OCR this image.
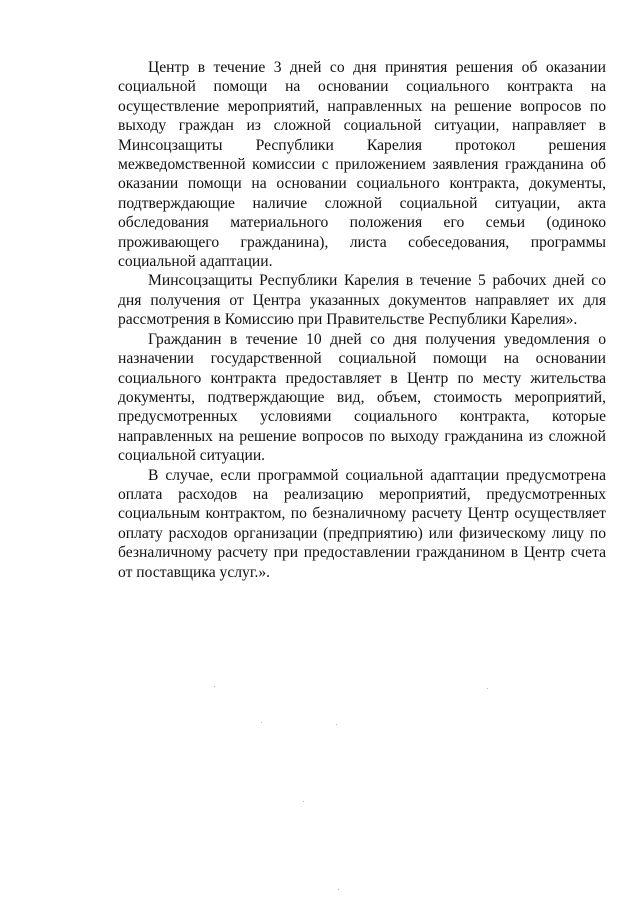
Центр в течение 3 дней со дня принятия решения об оказании социальной помощи на основании социального контракта на осуществление мероприятий, направленных на решение вопросов по выходу граждан из сложной социальной ситуации, направляет в Минсоцзащиты Республики Карелия протокол решения межведомственной комиссии с приложением заявления гражданина об оказании помощи на основании социального контракта, документы, подтверждающие наличие сложной социальной ситуации, акта обследования материального положения его семьи (одиноко проживающего гражданина), листа собеседования, программы социальной адаптации.

Минсоцзащиты Республики Карелия в течение 5 рабочих дней со дня получения от Центра указанных документов направляет их для рассмотрения в Комиссию при Правительстве Республики Карелия».

Гражданин в течение 10 дней со дня получения уведомления о назначении государственной социальной помощи на основании социального контракта предоставляет в Центр по месту жительства документы, подтверждающие вид, объем, стоимость мероприятий, предусмотренных условиями социального контракта, которые направленных на решение вопросов по выходу гражданина из сложной социальной ситуации.

В случае, если программой социальной адаптации предусмотрена оплата расходов на реализацию мероприятий, предусмотренных социальным контрактом, по безналичному расчету Центр осуществляет оплату расходов организации (предприятию) или физическому лицу по безналичному расчету при предоставлении гражданином в Центр счета от поставщика услуг.».
